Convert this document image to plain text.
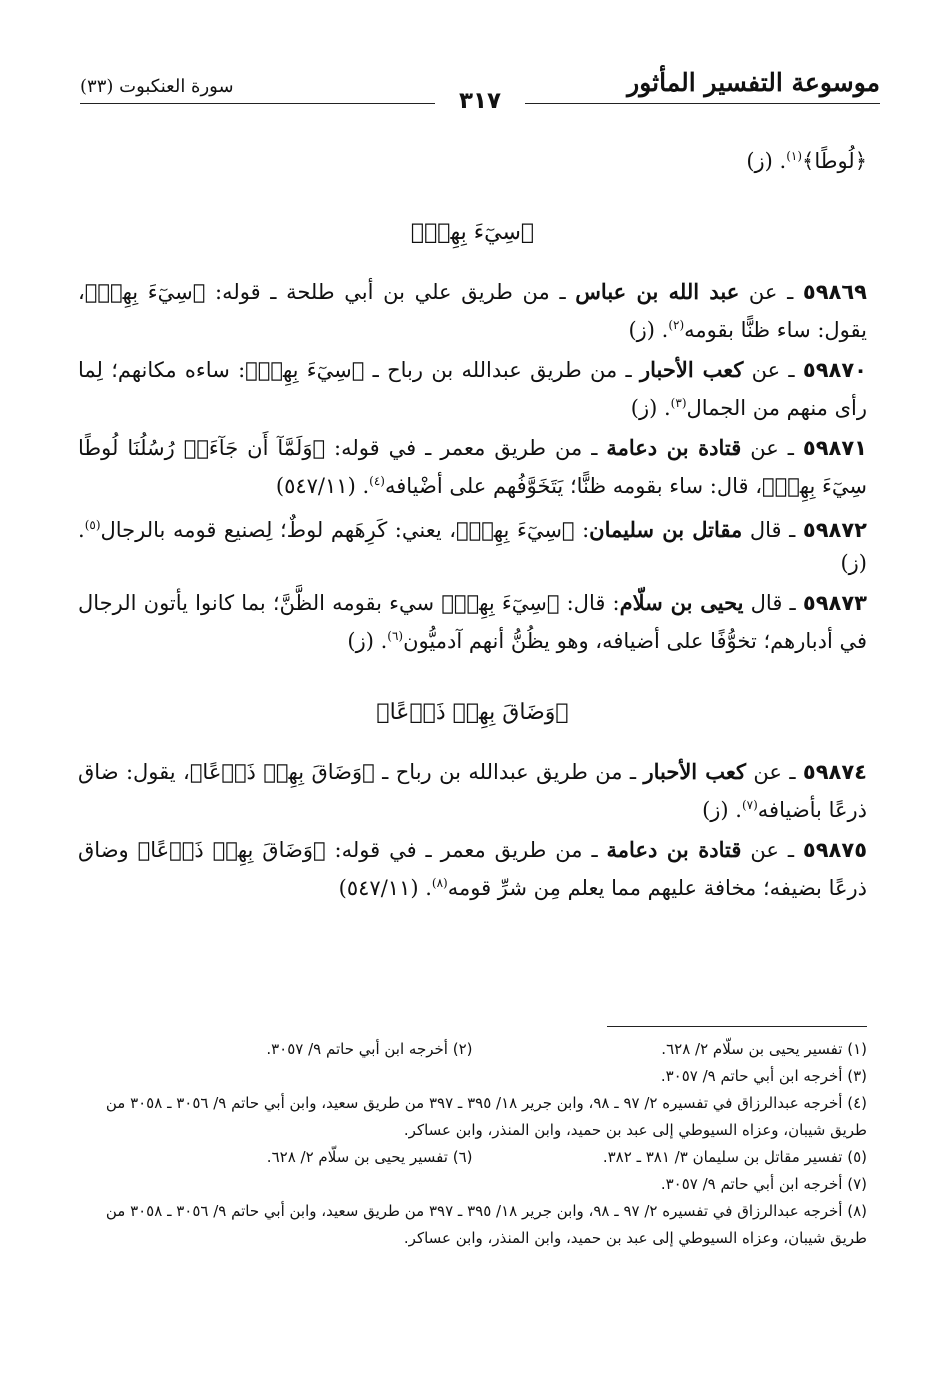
موسوعة التفسير المأثور
٣١٧
سورة العنكبوت (٣٣)

﴿لُوطًا﴾$^{(١)}$. (ز)

﴿سِيٓءَ بِهِمۡ﴾

٥٩٨٦٩ ـ عن عبد الله بن عباس ـ من طريق علي بن أبي طلحة ـ قوله: ﴿سِيٓءَ بِهِمۡ﴾، يقول: ساء ظنًّا بقومه$^{(٢)}$. (ز)

٥٩٨٧٠ ـ عن كعب الأحبار ـ من طريق عبدالله بن رباح ـ ﴿سِيٓءَ بِهِمۡ﴾: ساءه مكانهم؛ لِما رأى منهم من الجمال$^{(٣)}$. (ز)

٥٩٨٧١ ـ عن قتادة بن دعامة ـ من طريق معمر ـ في قوله: ﴿وَلَمَّآ أَن جَآءَتۡ رُسُلُنَا لُوطًا سِيٓءَ بِهِمۡ﴾، قال: ساء بقومه ظنًّا؛ يَتَخَوَّفُهم على أضْيافه$^{(٤)}$. (٥٤٧/١١)

٥٩٨٧٢ ـ قال مقاتل بن سليمان: ﴿سِيٓءَ بِهِمۡ﴾، يعني: كَرِهَهم لوطٌ؛ لِصنيع قومه بالرجال$^{(٥)}$. (ز)

٥٩٨٧٣ ـ قال يحيى بن سلّام: قال: ﴿سِيٓءَ بِهِمۡ﴾ سيء بقومه الظَّنَّ؛ بما كانوا يأتون الرجال في أدبارهم؛ تخوُّفًا على أضيافه، وهو يظُنُّ أنهم آدميُّون$^{(٦)}$. (ز)

﴿وَضَاقَ بِهِمۡ ذَرۡعًا﴾

٥٩٨٧٤ ـ عن كعب الأحبار ـ من طريق عبدالله بن رباح ـ ﴿وَضَاقَ بِهِمۡ ذَرۡعًا﴾، يقول: ضاق ذرعًا بأضيافه$^{(٧)}$. (ز)

٥٩٨٧٥ ـ عن قتادة بن دعامة ـ من طريق معمر ـ في قوله: ﴿وَضَاقَ بِهِمۡ ذَرۡعًا﴾ وضاق ذرعًا بضيفه؛ مخافة عليهم مما يعلم مِن شرِّ قومه$^{(٨)}$. (٥٤٧/١١)

(١) تفسير يحيى بن سلّام ٢/ ٦٢٨.
(٢) أخرجه ابن أبي حاتم ٩/ ٣٠٥٧.

(٣) أخرجه ابن أبي حاتم ٩/ ٣٠٥٧.

(٤) أخرجه عبدالرزاق في تفسيره ٢/ ٩٧ ـ ٩٨، وابن جرير ١٨/ ٣٩٥ ـ ٣٩٧ من طريق سعيد، وابن أبي حاتم ٩/ ٣٠٥٦ ـ ٣٠٥٨ من طريق شيبان، وعزاه السيوطي إلى عبد بن حميد، وابن المنذر، وابن عساكر.

(٥) تفسير مقاتل بن سليمان ٣/ ٣٨١ ـ ٣٨٢.
(٦) تفسير يحيى بن سلّام ٢/ ٦٢٨.

(٧) أخرجه ابن أبي حاتم ٩/ ٣٠٥٧.

(٨) أخرجه عبدالرزاق في تفسيره ٢/ ٩٧ ـ ٩٨، وابن جرير ١٨/ ٣٩٥ ـ ٣٩٧ من طريق سعيد، وابن أبي حاتم ٩/ ٣٠٥٦ ـ ٣٠٥٨ من طريق شيبان، وعزاه السيوطي إلى عبد بن حميد، وابن المنذر، وابن عساكر.
